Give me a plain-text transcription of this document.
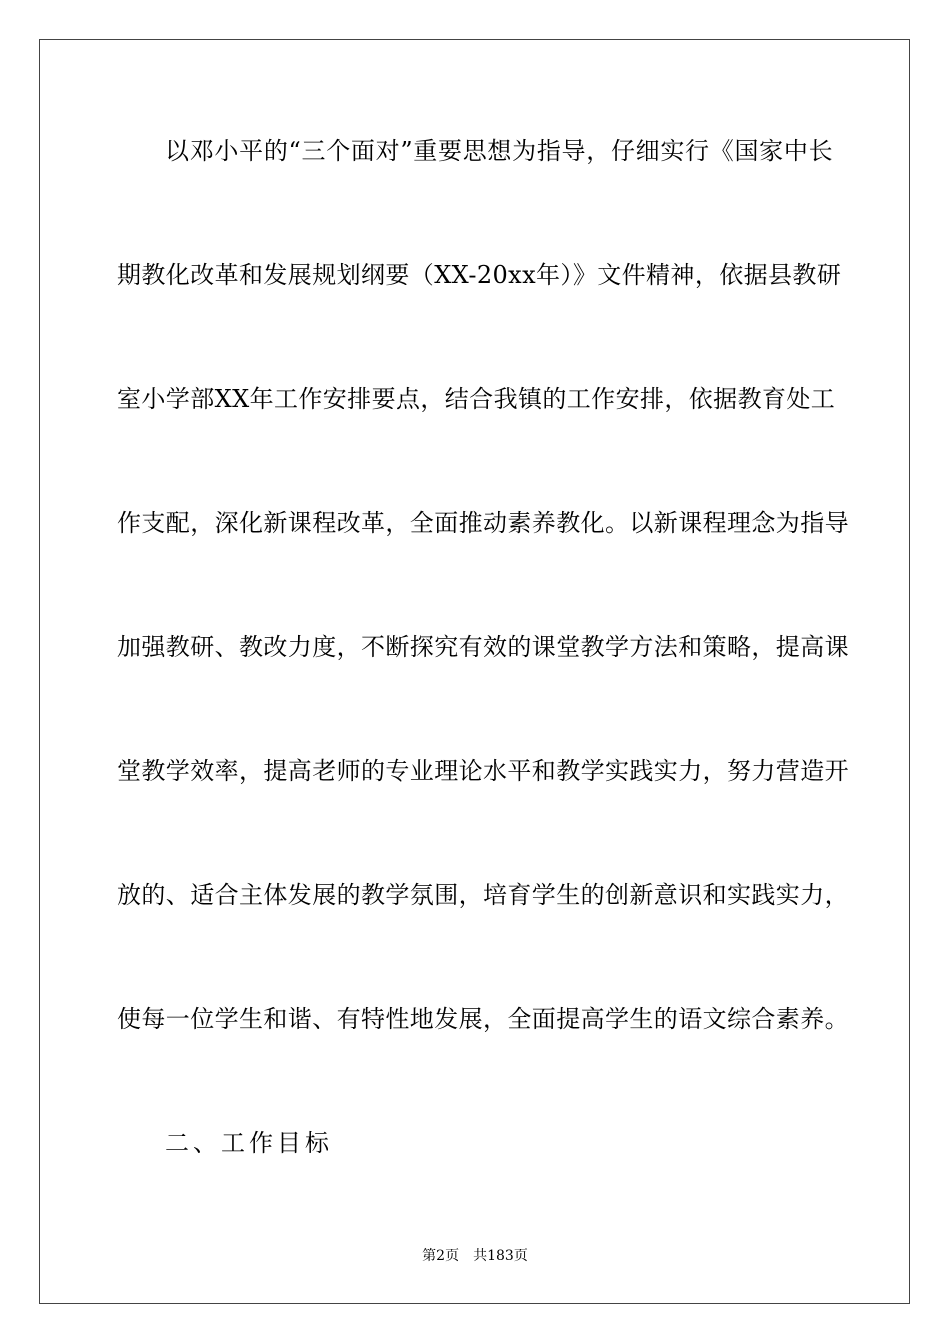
以邓小平的“三个面对”重要思想为指导，仔细实行《国家中长
期教化改革和发展规划纲要（XX-20xx年）》文件精神，依据县教研
室小学部XX年工作安排要点，结合我镇的工作安排，依据教育处工
作支配，深化新课程改革，全面推动素养教化。以新课程理念为指导
加强教研、教改力度，不断探究有效的课堂教学方法和策略，提高课
堂教学效率，提高老师的专业理论水平和教学实践实力，努力营造开
放的、适合主体发展的教学氛围，培育学生的创新意识和实践实力，
使每一位学生和谐、有特性地发展，全面提高学生的语文综合素养。
二、工作目标
第2页 共183页
